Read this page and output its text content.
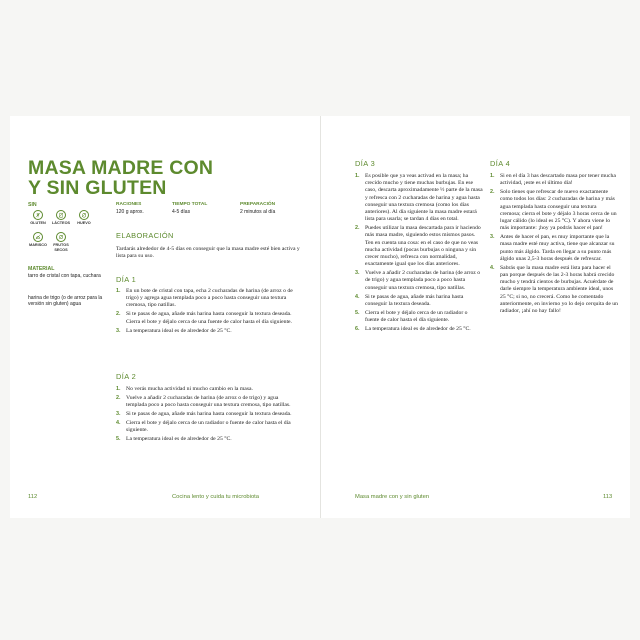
MASA MADRE CON
Y SIN GLUTEN
SIN
GLUTEN	LÁCTEOS	HUEVO
MARISCO	FRUTOS SECOS
RACIONES
120 g aprox.
TIEMPO TOTAL
4-5 días
PREPARACIÓN
2 minutos al día
MATERIAL
tarro de cristal con tapa, cuchara
harina de trigo (o de arroz para la versión sin gluten) agua
ELABORACIÓN
Tardarás alrededor de 4-5 días en conseguir que la masa madre esté bien activa y lista para su uso.
DÍA 1
1. En un bote de cristal con tapa, echa 2 cucharadas de harina (de arroz o de trigo) y agrega agua templada poco a poco hasta conseguir una textura cremosa, tipo natillas.
2. Si te pasas de agua, añade más harina hasta conseguir la textura deseada. Cierra el bote y déjalo cerca de una fuente de calor hasta el día siguiente.
3. La temperatura ideal es de alrededor de 25 °C.
DÍA 2
1. No verás mucha actividad ni mucho cambio en la masa.
2. Vuelve a añadir 2 cucharadas de harina (de arroz o de trigo) y agua templada poco a poco hasta conseguir una textura cremosa, tipo natillas.
3. Si te pasas de agua, añade más harina hasta conseguir la textura deseada.
4. Cierra el bote y déjalo cerca de un radiador o fuente de calor hasta el día siguiente.
5. La temperatura ideal es de alrededor de 25 °C.
112	Cocina lento y cuida tu microbiota
DÍA 3
1. Es posible que ya veas activad en la masa; ha crecido mucho y tiene muchas burbujas. En ese caso, descarta aproximadamente ½ parte de la masa y refresca con 2 cucharadas de harina y agua hasta conseguir una textura cremosa (como los días anteriores). Al día siguiente la masa madre estará lista para usarla; se tardan 4 días en total.
2. Puedes utilizar la masa descartada para ir haciendo más masa madre, siguiendo estos mismos pasos. Ten en cuenta una cosa: en el caso de que no veas mucha actividad (pocas burbujas o ninguna y sin crecer mucho), refresca con normalidad, exactamente igual que los días anteriores.
3. Vuelve a añadir 2 cucharadas de harina (de arroz o de trigo) y agua templada poco a poco hasta conseguir una textura cremosa, tipo natillas.
4. Si te pasas de agua, añade más harina hasta conseguir la textura deseada.
5. Cierra el bote y déjalo cerca de un radiador o fuente de calor hasta el día siguiente.
6. La temperatura ideal es de alrededor de 25 °C.
DÍA 4
1. Si en el día 3 has descartado masa por tener mucha actividad, ¡este es el último día!
2. Solo tienes que refrescar de nuevo exactamente como todos los días: 2 cucharadas de harina y más agua templada hasta conseguir una textura cremosa; cierra el bote y déjalo 3 horas cerca de un lugar cálido (lo ideal es 25 °C). Y ahora viene lo más importante: ¡hoy ya podrás hacer el pan!
3. Antes de hacer el pan, es muy importante que la masa madre esté muy activa, tiene que alcanzar su punto más álgido. Tarda en llegar a su punto más álgido unas 2,5-3 horas después de refrescar.
4. Sabrás que la masa madre está lista para hacer el pan porque después de las 2-3 horas habrá crecido mucho y tendrá cientos de burbujas. Acuérdate de darle siempre la temperatura ambiente ideal, unos 25 °C; si no, no crecerá. Como he comentado anteriormente, en invierno yo lo dejo cerquita de un radiador, ¡ahí no hay fallo!
Masa madre con y sin gluten	113
